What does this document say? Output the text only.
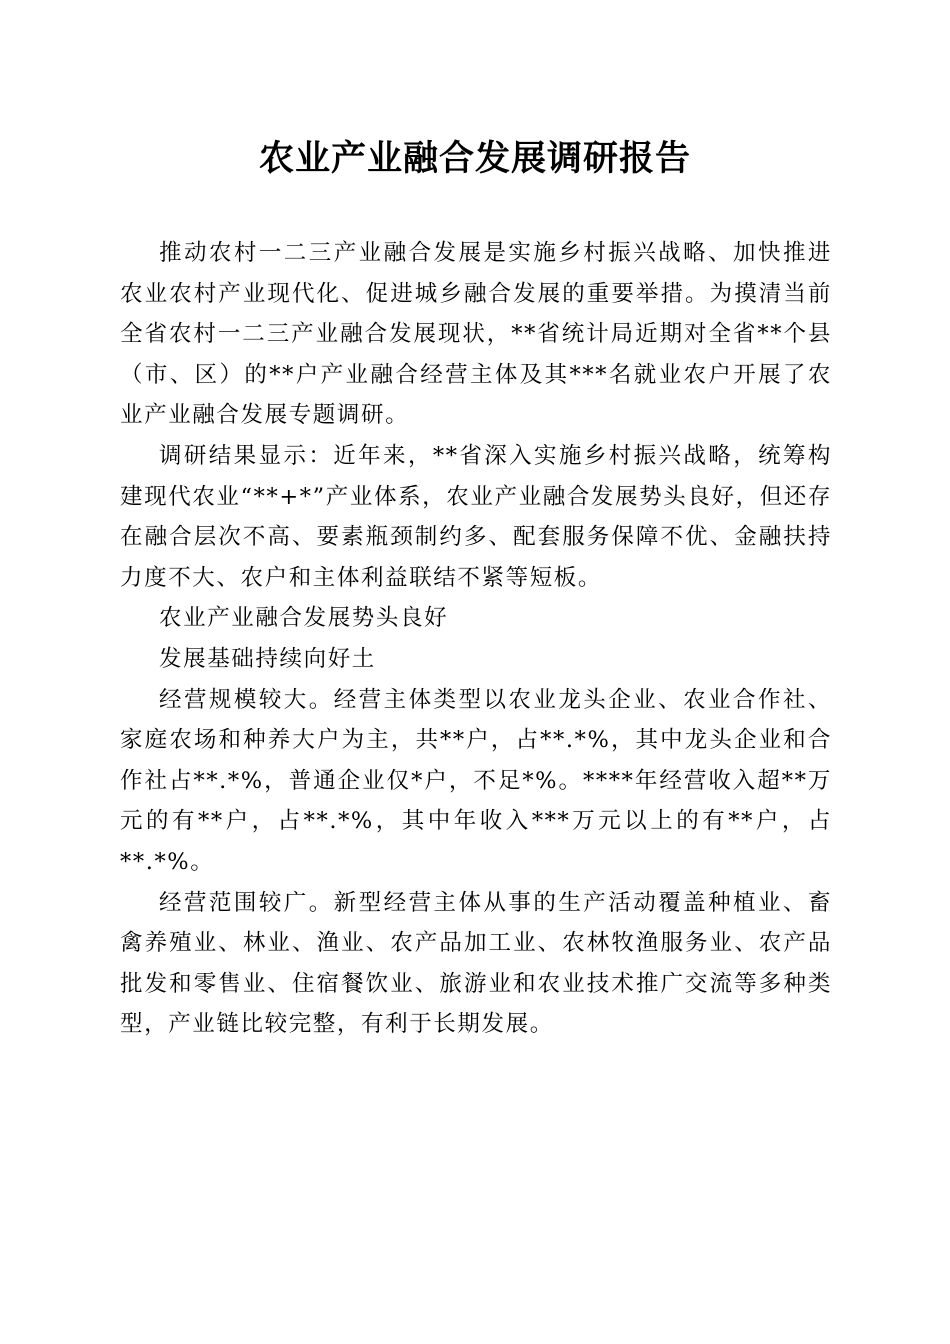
农业产业融合发展调研报告

推动农村一二三产业融合发展是实施乡村振兴战略、加快推进农业农村产业现代化、促进城乡融合发展的重要举措。为摸清当前全省农村一二三产业融合发展现状，**省统计局近期对全省**个县（市、区）的**户产业融合经营主体及其***名就业农户开展了农业产业融合发展专题调研。

调研结果显示：近年来，**省深入实施乡村振兴战略，统筹构建现代农业“**+*”产业体系，农业产业融合发展势头良好，但还存在融合层次不高、要素瓶颈制约多、配套服务保障不优、金融扶持力度不大、农户和主体利益联结不紧等短板。

农业产业融合发展势头良好

发展基础持续向好土

经营规模较大。经营主体类型以农业龙头企业、农业合作社、家庭农场和种养大户为主，共**户，占**.*%，其中龙头企业和合作社占**.*%，普通企业仅*户，不足*%。****年经营收入超**万元的有**户，占**.*%，其中年收入***万元以上的有**户，占**.*%。

经营范围较广。新型经营主体从事的生产活动覆盖种植业、畜禽养殖业、林业、渔业、农产品加工业、农林牧渔服务业、农产品批发和零售业、住宿餐饮业、旅游业和农业技术推广交流等多种类型，产业链比较完整，有利于长期发展。
